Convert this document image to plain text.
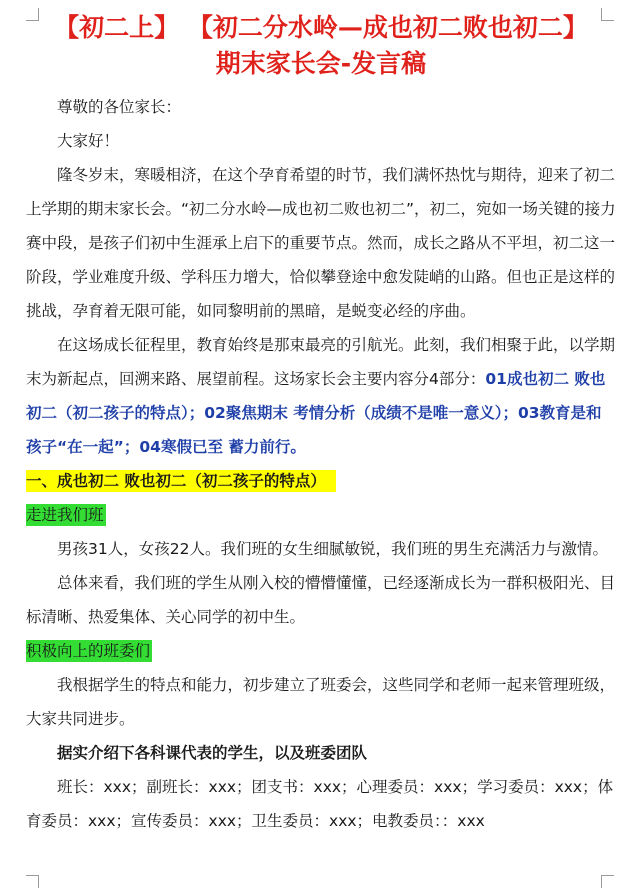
【初二上】 【初二分水岭—成也初二败也初二】
期末家长会-发言稿

尊敬的各位家长：

大家好！

隆冬岁末，寒暖相济，在这个孕育希望的时节，我们满怀热忱与期待，迎来了初二上学期的期末家长会。“初二分水岭—成也初二败也初二”，初二，宛如一场关键的接力赛中段，是孩子们初中生涯承上启下的重要节点。然而，成长之路从不平坦，初二这一阶段，学业难度升级、学科压力增大，恰似攀登途中愈发陡峭的山路。但也正是这样的挑战，孕育着无限可能，如同黎明前的黑暗，是蜕变必经的序曲。

在这场成长征程里，教育始终是那束最亮的引航光。此刻，我们相聚于此，以学期末为新起点，回溯来路、展望前程。这场家长会主要内容分4部分：01成也初二 败也初二（初二孩子的特点）；02聚焦期末 考情分析（成绩不是唯一意义）；03教育是和孩子“在一起”；04寒假已至 蓄力前行。

一、成也初二 败也初二（初二孩子的特点）
走进我们班

男孩31人，女孩22人。我们班的女生细腻敏锐，我们班的男生充满活力与激情。

总体来看，我们班的学生从刚入校的懵懵懂懂，已经逐渐成长为一群积极阳光、目标清晰、热爱集体、关心同学的初中生。

积极向上的班委们

我根据学生的特点和能力，初步建立了班委会，这些同学和老师一起来管理班级，大家共同进步。

据实介绍下各科课代表的学生，以及班委团队

班长：xxx；副班长：xxx；团支书：xxx；心理委员：xxx；学习委员：xxx；体育委员：xxx；宣传委员：xxx；卫生委员：xxx；电教委员：：xxx
